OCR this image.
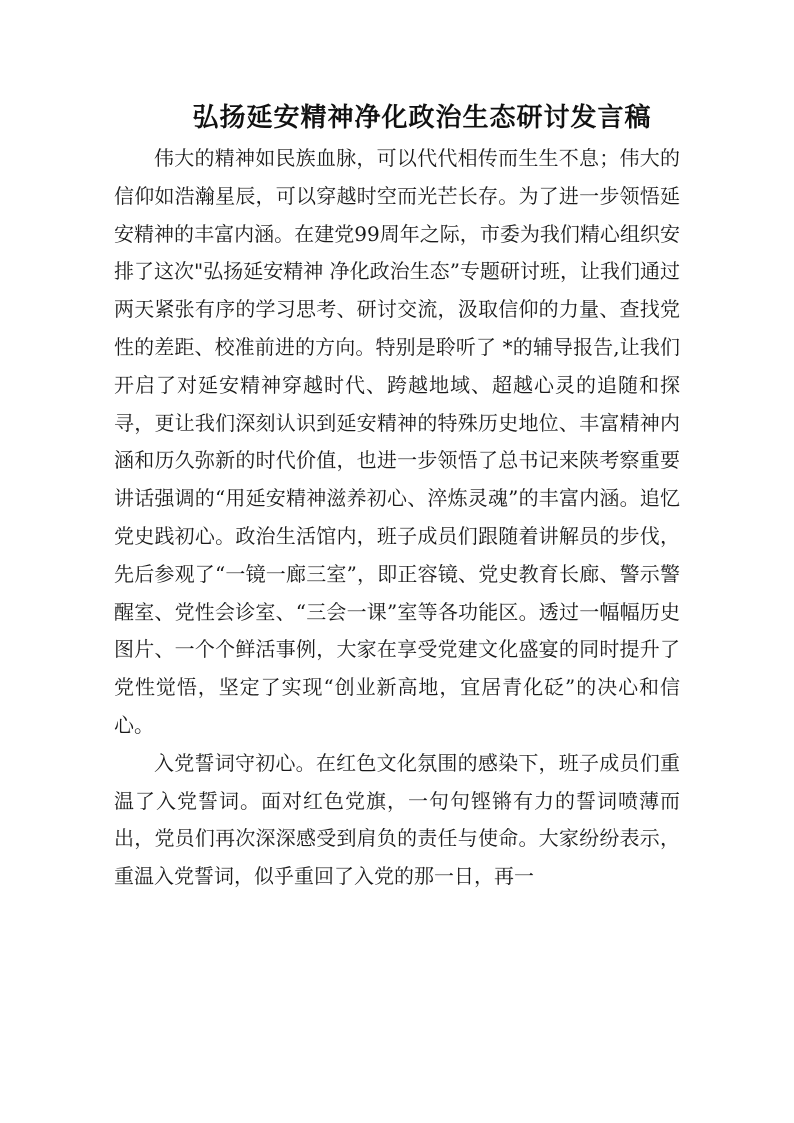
弘扬延安精神净化政治生态研讨发言稿

伟大的精神如民族血脉，可以代代相传而生生不息；伟大的信仰如浩瀚星辰，可以穿越时空而光芒长存。为了进一步领悟延安精神的丰富内涵。在建党99周年之际，市委为我们精心组织安排了这次"弘扬延安精神 净化政治生态”专题研讨班，让我们通过两天紧张有序的学习思考、研讨交流，汲取信仰的力量、查找党性的差距、校准前进的方向。特别是聆听了 *的辅导报告,让我们开启了对延安精神穿越时代、跨越地域、超越心灵的追随和探寻，更让我们深刻认识到延安精神的特殊历史地位、丰富精神内 涵和历久弥新的时代价值，也进一步领悟了总书记来陕考察重要讲话强调的“用延安精神滋养初心、淬炼灵魂”的丰富内涵。追忆党史践初心。政治生活馆内，班子成员们跟随着讲解员的步伐，先后参观了“一镜一廊三室”，即正容镜、党史教育长廊、警示警醒室、党性会诊室、“三会一课”室等各功能区。透过一幅幅历史图片、一个个鲜活事例，大家在享受党建文化盛宴的同时提升了党性觉悟，坚定了实现“创业新高地，宜居青化砭”的决心和信心。

入党誓词守初心。在红色文化氛围的感染下，班子成员们重温了入党誓词。面对红色党旗，一句句铿锵有力的誓词喷薄而出，党员们再次深深感受到肩负的责任与使命。大家纷纷表示，重温入党誓词，似乎重回了入党的那一日，再一
